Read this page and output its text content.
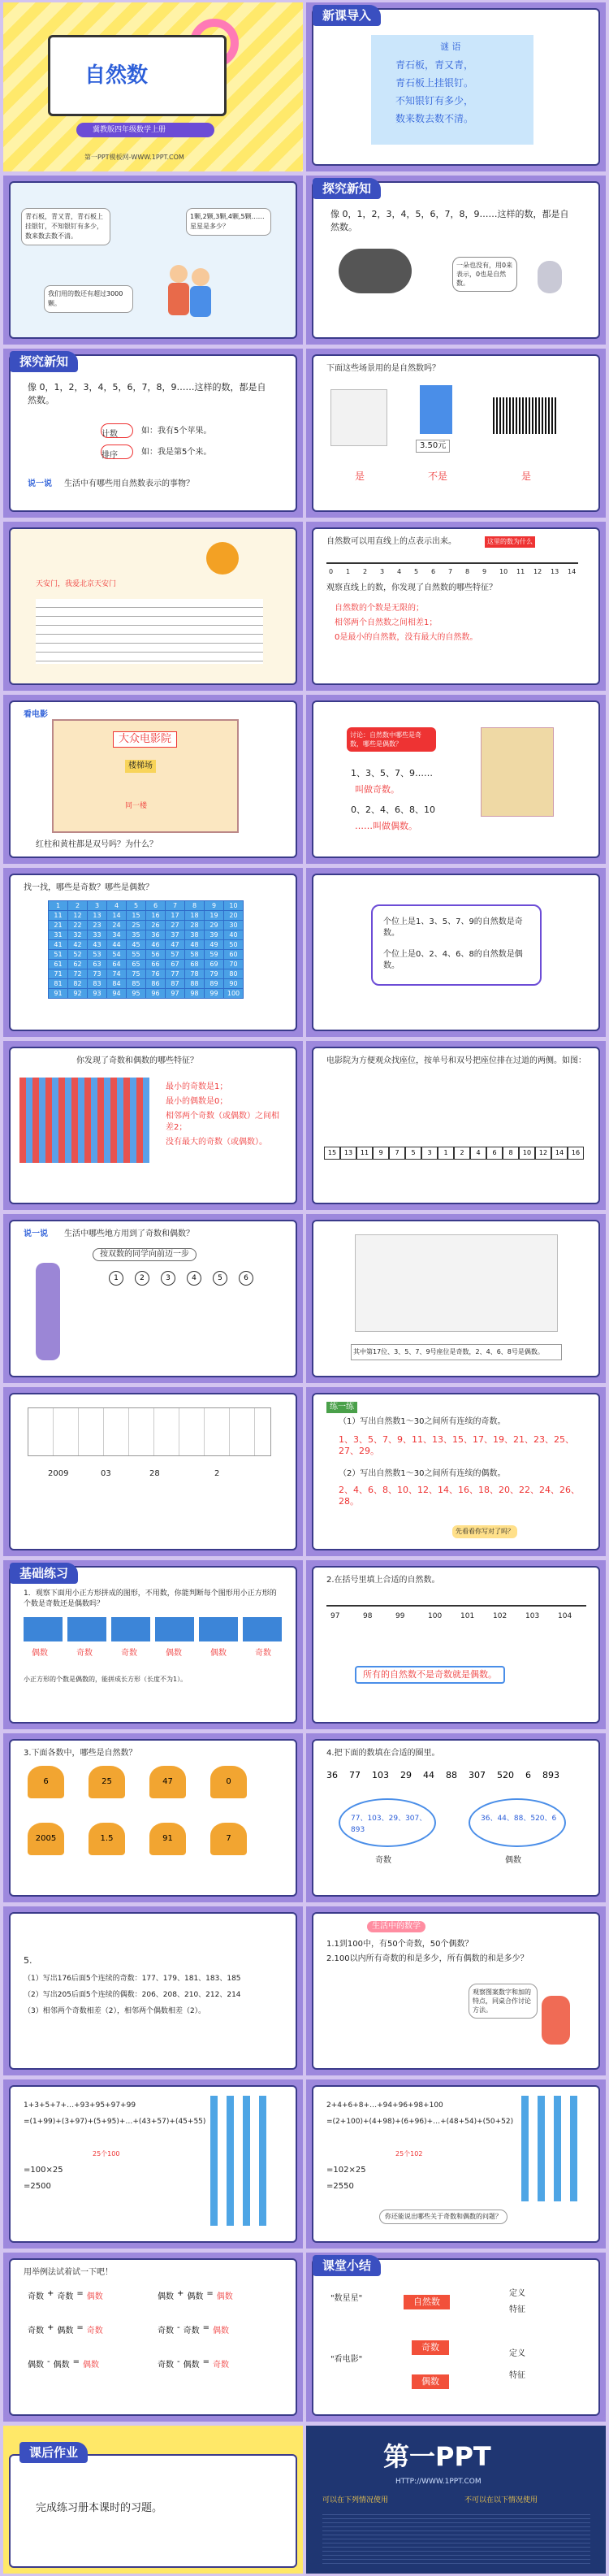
自然数
冀教版四年级数学上册
第一PPT模板网-WWW.1PPT.COM
新课导入
谜 语
青石板，青又青，
青石板上挂银钉。
不知银钉有多少，
数来数去数不清。
青石板，青又青，青石板上挂银钉，不知银钉有多少，数来数去数不清。
1颗,2颗,3颗,4颗,5颗……星星是多少？
我们用的数还有超过3000颗。
探究新知
像 0，1，2，3，4，5，6，7，8，9……这样的数，都是自然数。
一朵也没有，用0来表示，0也是自然数。
探究新知
像 0，1，2，3，4，5，6，7，8，9……这样的数，都是自然数。
计数	如：我有5个苹果。
排序	如：我是第5个来。
说一说 生活中有哪些用自然数表示的事物？
下面这些场景用的是自然数吗？
3.50元
是	不是	是
天安门，我爱北京天安门
自然数可以用直线上的点表示出来。	这里的数为什么
观察直线上的数，你发现了自然数的哪些特征？
自然数的个数是无限的；
相邻两个自然数之间相差1；
0是最小的自然数，没有最大的自然数。
0 1 2 3 4 5 6 7 8 9 10 11 12 13 14
看电影
大众电影院
楼梯场
同一楼
红柱和黄柱都是双号吗？为什么？
讨论：自然数中哪些是奇数，哪些是偶数？
1、3、5、7、9……
叫做奇数。
0、2、4、6、8、10
……叫做偶数。
找一找，哪些是奇数？哪些是偶数？
1	2	3	4	5	6	7	8	9	10
11	12	13	14	15	16	17	18	19	20
21	22	23	24	25	26	27	28	29	30
31	32	33	34	35	36	37	38	39	40
41	42	43	44	45	46	47	48	49	50
51	52	53	54	55	56	57	58	59	60
61	62	63	64	65	66	67	68	69	70
71	72	73	74	75	76	77	78	79	80
81	82	83	84	85	86	87	88	89	90
91	92	93	94	95	96	97	98	99	100
个位上是1、3、5、7、9的自然数是奇数。
个位上是0、2、4、6、8的自然数是偶数。
你发现了奇数和偶数的哪些特征？
最小的奇数是1；
最小的偶数是0；
相邻两个奇数（或偶数）之间相差2；
没有最大的奇数（或偶数）。
电影院为方便观众找座位，按单号和双号把座位排在过道的两侧。如图：
15	13	11	9	7	5	3	1	2	4	6	8	10	12	14	16
说一说 生活中哪些地方用到了奇数和偶数？
按双数的同学向前迈一步
1	2	3	4	5	6
其中第17位、3、5、7、9号座位是奇数，2、4、6、8号是偶数。
2009	03	28	2
练一练
（1）写出自然数1～30之间所有连续的奇数。
1、3、5、7、9、11、13、15、17、19、21、23、25、27、29。
（2）写出自然数1～30之间所有连续的偶数。
2、4、6、8、10、12、14、16、18、20、22、24、26、28。
先看看你写对了吗？
基础练习
1．观察下面用小正方形拼成的图形，不用数，你能判断每个图形用小正方形的个数是奇数还是偶数吗？
偶数	奇数	奇数	偶数	偶数	奇数
小正方形的个数是偶数的，能拼成长方形（长度不为1）。
2.在括号里填上合适的自然数。
所有的自然数不是奇数就是偶数。
97	98	99	100	101	102	103	104
3.下面各数中，哪些是自然数？
6	25	47	0
2005	1.5	91	7
4.把下面的数填在合适的圈里。
36 77 103 29 44 88 307 520 6 893
77、103、29、307、893
奇数
36、44、88、520、6
偶数
5.
（1）写出176后面5个连续的奇数：177、179、181、183、185
（2）写出205后面5个连续的偶数：206、208、210、212、214
（3）相邻两个奇数相差（2），相邻两个偶数相差（2）。
生活中的数学
1.1到100中，有50个奇数，50个偶数？
2.100以内所有奇数的和是多少，所有偶数的和是多少？
观察图案数字和加的特点，同桌合作讨论方法。
1+3+5+7+…+93+95+97+99
=(1+99)+(3+97)+(5+95)+…+(43+57)+(45+55)
25个100
=100×25
=2500
2+4+6+8+…+94+96+98+100
=(2+100)+(4+98)+(6+96)+…+(48+54)+(50+52)
25个102
=102×25
=2550
你还能说出哪些关于奇数和偶数的问题？
用举例法试着试一下吧！
奇数 + 奇数 = 偶数	偶数 + 偶数 = 偶数
奇数 + 偶数 = 奇数	奇数 - 奇数 = 偶数
偶数 - 偶数 = 偶数	奇数 - 偶数 = 奇数
课堂小结
"数星星"
"看电影"
自然数
奇数
偶数
定义
特征
定义
特征
课后作业
完成练习册本课时的习题。
第一PPT
HTTP://WWW.1PPT.COM
可以在下列情况使用	不可以在以下情况使用
